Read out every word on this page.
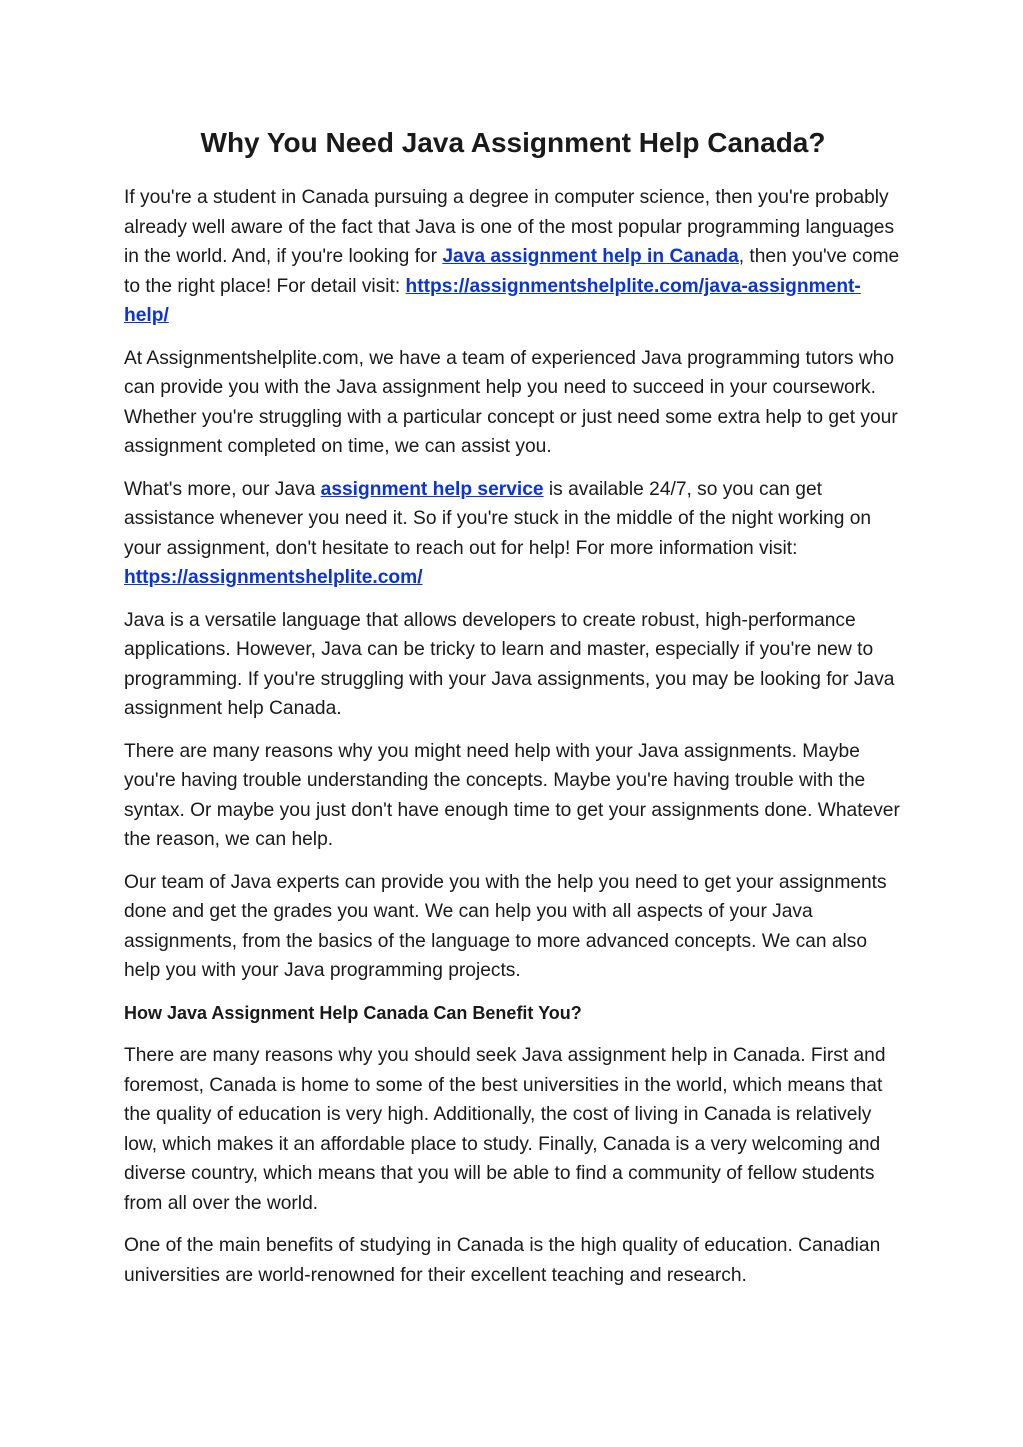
Why You Need Java Assignment Help Canada?

If you're a student in Canada pursuing a degree in computer science, then you're probably already well aware of the fact that Java is one of the most popular programming languages in the world. And, if you're looking for Java assignment help in Canada, then you've come to the right place! For detail visit: https://assignmentshelplite.com/java-assignment-help/

At Assignmentshelplite.com, we have a team of experienced Java programming tutors who can provide you with the Java assignment help you need to succeed in your coursework. Whether you're struggling with a particular concept or just need some extra help to get your assignment completed on time, we can assist you.

What's more, our Java assignment help service is available 24/7, so you can get assistance whenever you need it. So if you're stuck in the middle of the night working on your assignment, don't hesitate to reach out for help! For more information visit: https://assignmentshelplite.com/

Java is a versatile language that allows developers to create robust, high-performance applications. However, Java can be tricky to learn and master, especially if you're new to programming. If you're struggling with your Java assignments, you may be looking for Java assignment help Canada.

There are many reasons why you might need help with your Java assignments. Maybe you're having trouble understanding the concepts. Maybe you're having trouble with the syntax. Or maybe you just don't have enough time to get your assignments done. Whatever the reason, we can help.

Our team of Java experts can provide you with the help you need to get your assignments done and get the grades you want. We can help you with all aspects of your Java assignments, from the basics of the language to more advanced concepts. We can also help you with your Java programming projects.

How Java Assignment Help Canada Can Benefit You?

There are many reasons why you should seek Java assignment help in Canada. First and foremost, Canada is home to some of the best universities in the world, which means that the quality of education is very high. Additionally, the cost of living in Canada is relatively low, which makes it an affordable place to study. Finally, Canada is a very welcoming and diverse country, which means that you will be able to find a community of fellow students from all over the world.

One of the main benefits of studying in Canada is the high quality of education. Canadian universities are world-renowned for their excellent teaching and research.
